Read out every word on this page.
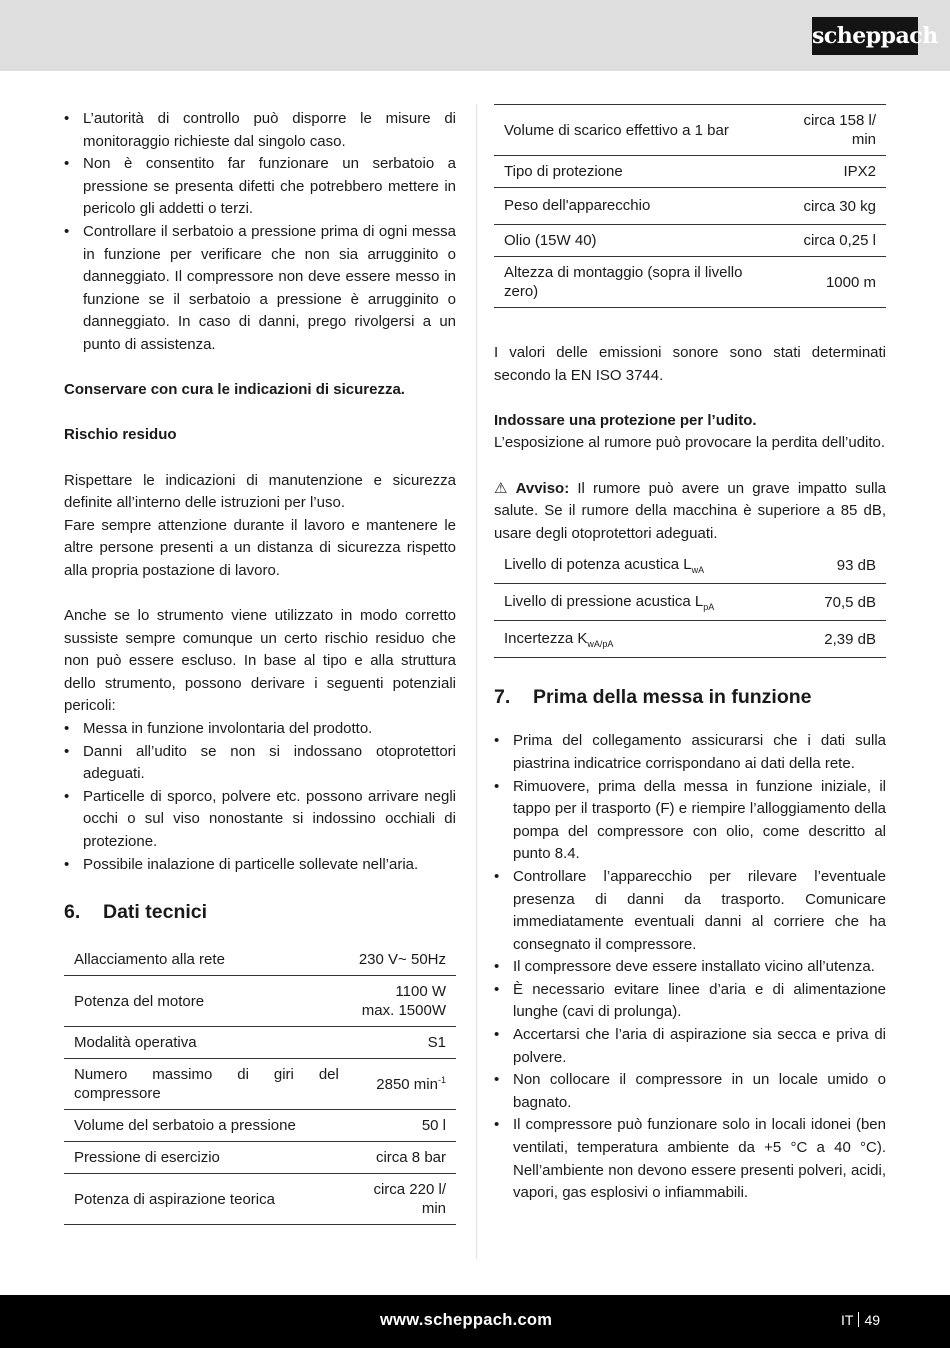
scheppach
• L’autorità di controllo può disporre le misure di monitoraggio richieste dal singolo caso.
• Non è consentito far funzionare un serbatoio a pressione se presenta difetti che potrebbero mettere in pericolo gli addetti o terzi.
• Controllare il serbatoio a pressione prima di ogni messa in funzione per verificare che non sia arrugginito o danneggiato. Il compressore non deve essere messo in funzione se il serbatoio a pressione è arrugginito o danneggiato. In caso di danni, prego rivolgersi a un punto di assistenza.

Conservare con cura le indicazioni di sicurezza.

Rischio residuo

Rispettare le indicazioni di manutenzione e sicurezza definite all’interno delle istruzioni per l’uso.

Fare sempre attenzione durante il lavoro e mantenere le altre persone presenti a un distanza di sicurezza rispetto alla propria postazione di lavoro.

Anche se lo strumento viene utilizzato in modo corretto sussiste sempre comunque un certo rischio residuo che non può essere escluso. In base al tipo e alla struttura dello strumento, possono derivare i seguenti potenziali pericoli:

• Messa in funzione involontaria del prodotto.
• Danni all’udito se non si indossano otoprotettori adeguati.
• Particelle di sporco, polvere etc. possono arrivare negli occhi o sul viso nonostante si indossino occhiali di protezione.
• Possibile inalazione di particelle sollevate nell’aria.
6.	Dati tecnici
Allacciamento alla rete	230 V~ 50Hz
Potenza del motore	1100 W
max. 1500W
Modalità operativa	S1
Numero massimo di giri del compressore	2850 $\min^{-1}$
Volume del serbatoio a pressione	50 l
Pressione di esercizio	circa 8 bar
Potenza di aspirazione teorica	circa 220 l/
min
Volume di scarico effettivo a 1 bar	circa 158 l/
min
Tipo di protezione	IPX2
Peso dell'apparecchio	circa 30 kg
Olio (15W 40)	circa 0,25 l
Altezza di montaggio (sopra il livello zero)	1000 m

I valori delle emissioni sonore sono stati determinati secondo la EN ISO 3744.

Indossare una protezione per l’udito.

L’esposizione al rumore può provocare la perdita dell’udito.

⚠ Avviso: Il rumore può avere un grave impatto sulla salute. Se il rumore della macchina è superiore a 85 dB, usare degli otoprotettori adeguati.

Livello di potenza acustica $L_{wA}$	93 dB
Livello di pressione acustica $L_{pA}$	70,5 dB
Incertezza $K_{wA/pA}$	2,39 dB
7.	Prima della messa in funzione
• Prima del collegamento assicurarsi che i dati sulla piastrina indicatrice corrispondano ai dati della rete.
• Rimuovere, prima della messa in funzione iniziale, il tappo per il trasporto (F) e riempire l’alloggiamento della pompa del compressore con olio, come descritto al punto 8.4.
• Controllare l’apparecchio per rilevare l’eventuale presenza di danni da trasporto. Comunicare immediatamente eventuali danni al corriere che ha consegnato il compressore.
• Il compressore deve essere installato vicino all’utenza.
• È necessario evitare linee d’aria e di alimentazione lunghe (cavi di prolunga).
• Accertarsi che l’aria di aspirazione sia secca e priva di polvere.
• Non collocare il compressore in un locale umido o bagnato.
• Il compressore può funzionare solo in locali idonei (ben ventilati, temperatura ambiente da +5 °C a 40 °C). Nell’ambiente non devono essere presenti polveri, acidi, vapori, gas esplosivi o infiammabili.
www.scheppach.com	IT 49
